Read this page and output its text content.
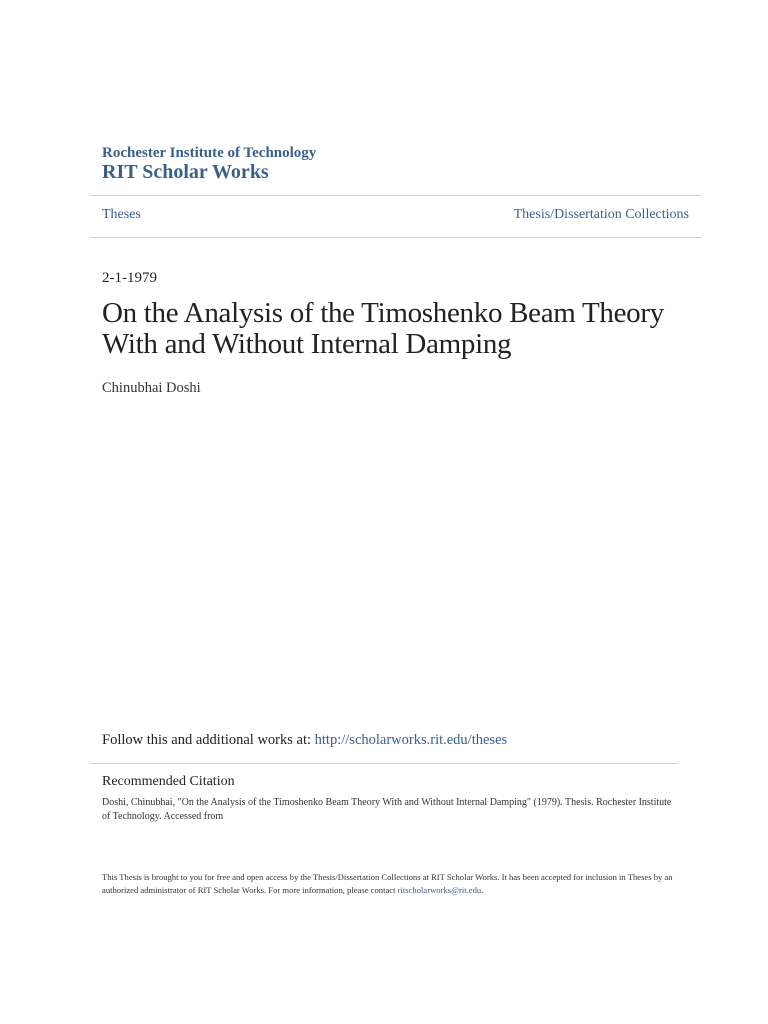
Rochester Institute of Technology
RIT Scholar Works
Theses	Thesis/Dissertation Collections
2-1-1979
On the Analysis of the Timoshenko Beam Theory With and Without Internal Damping
Chinubhai Doshi
Follow this and additional works at: http://scholarworks.rit.edu/theses
Recommended Citation
Doshi, Chinubhai, "On the Analysis of the Timoshenko Beam Theory With and Without Internal Damping" (1979). Thesis. Rochester Institute of Technology. Accessed from
This Thesis is brought to you for free and open access by the Thesis/Dissertation Collections at RIT Scholar Works. It has been accepted for inclusion in Theses by an authorized administrator of RIT Scholar Works. For more information, please contact ritscholarworks@rit.edu.
